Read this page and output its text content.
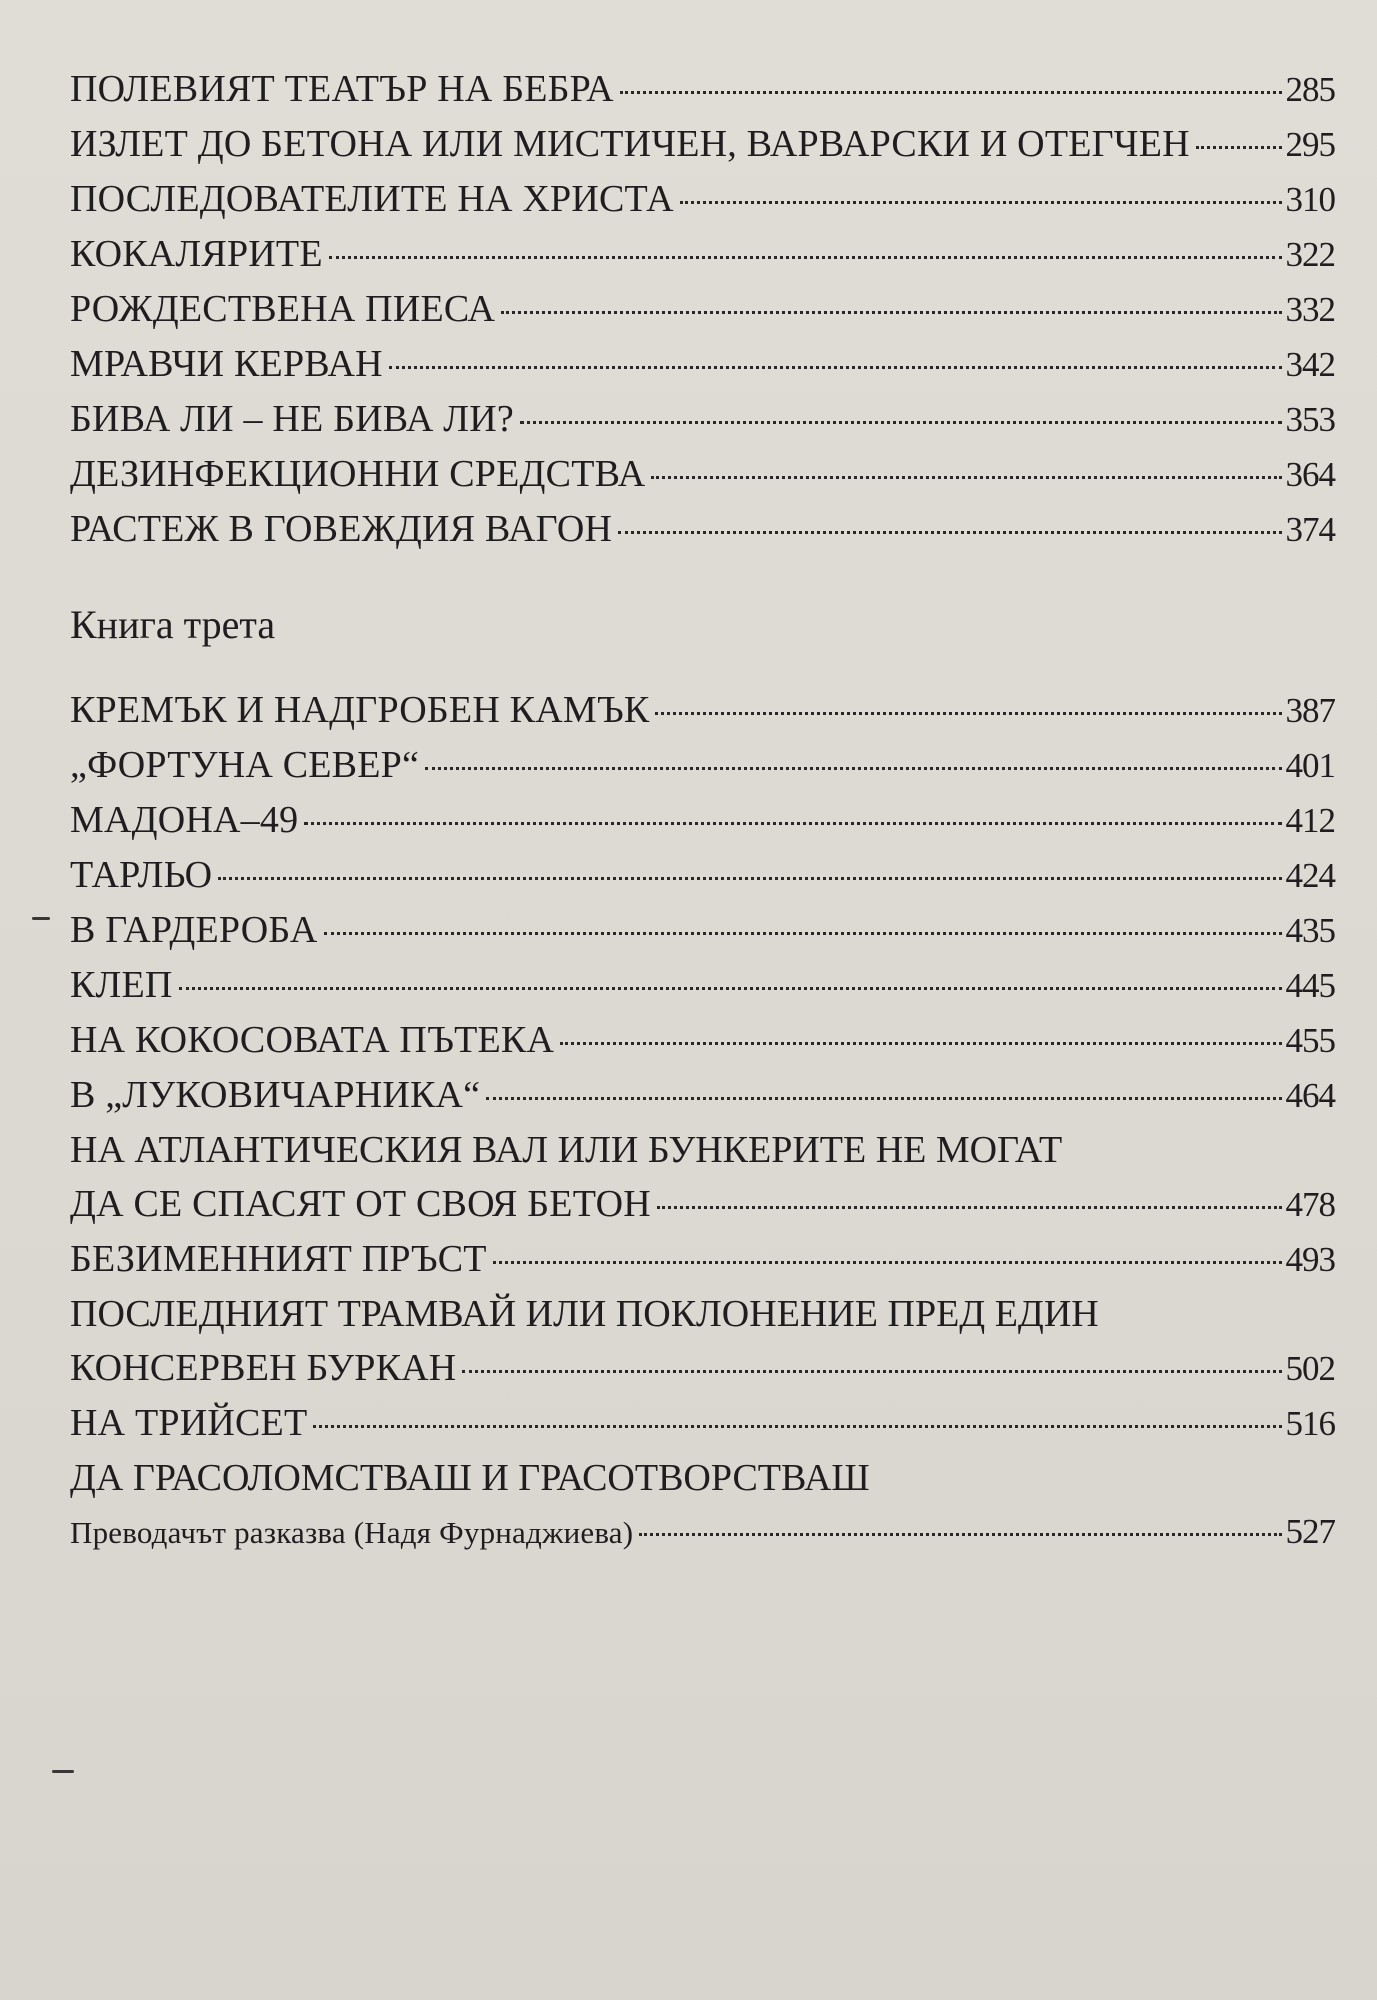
ПОЛЕВИЯТ ТЕАТЪР НА БЕБРА	285
ИЗЛЕТ ДО БЕТОНА ИЛИ МИСТИЧЕН, ВАРВАРСКИ И ОТЕГЧЕН	295
ПОСЛЕДОВАТЕЛИТЕ НА ХРИСТА	310
КОКАЛЯРИТЕ	322
РОЖДЕСТВЕНА ПИЕСА	332
МРАВЧИ КЕРВАН	342
БИВА ЛИ – НЕ БИВА ЛИ?	353
ДЕЗИНФЕКЦИОННИ СРЕДСТВА	364
РАСТЕЖ В ГОВЕЖДИЯ ВАГОН	374
Книга трета
КРЕМЪК И НАДГРОБЕН КАМЪК	387
„ФОРТУНА СЕВЕР“	401
МАДОНА–49	412
ТАРЛЬО	424
В ГАРДЕРОБА	435
КЛЕП	445
НА КОКОСОВАТА ПЪТЕКА	455
В „ЛУКОВИЧАРНИКА“	464
НА АТЛАНТИЧЕСКИЯ ВАЛ ИЛИ БУНКЕРИТЕ НЕ МОГАТ
ДА СЕ СПАСЯТ ОТ СВОЯ БЕТОН	478
БЕЗИМЕННИЯТ ПРЪСТ	493
ПОСЛЕДНИЯТ ТРАМВАЙ ИЛИ ПОКЛОНЕНИЕ ПРЕД ЕДИН
КОНСЕРВЕН БУРКАН	502
НА ТРИЙСЕТ	516
ДА ГРАСОЛОМСТВАШ И ГРАСОТВОРСТВАШ
Преводачът разказва (Надя Фурнаджиева)	527
